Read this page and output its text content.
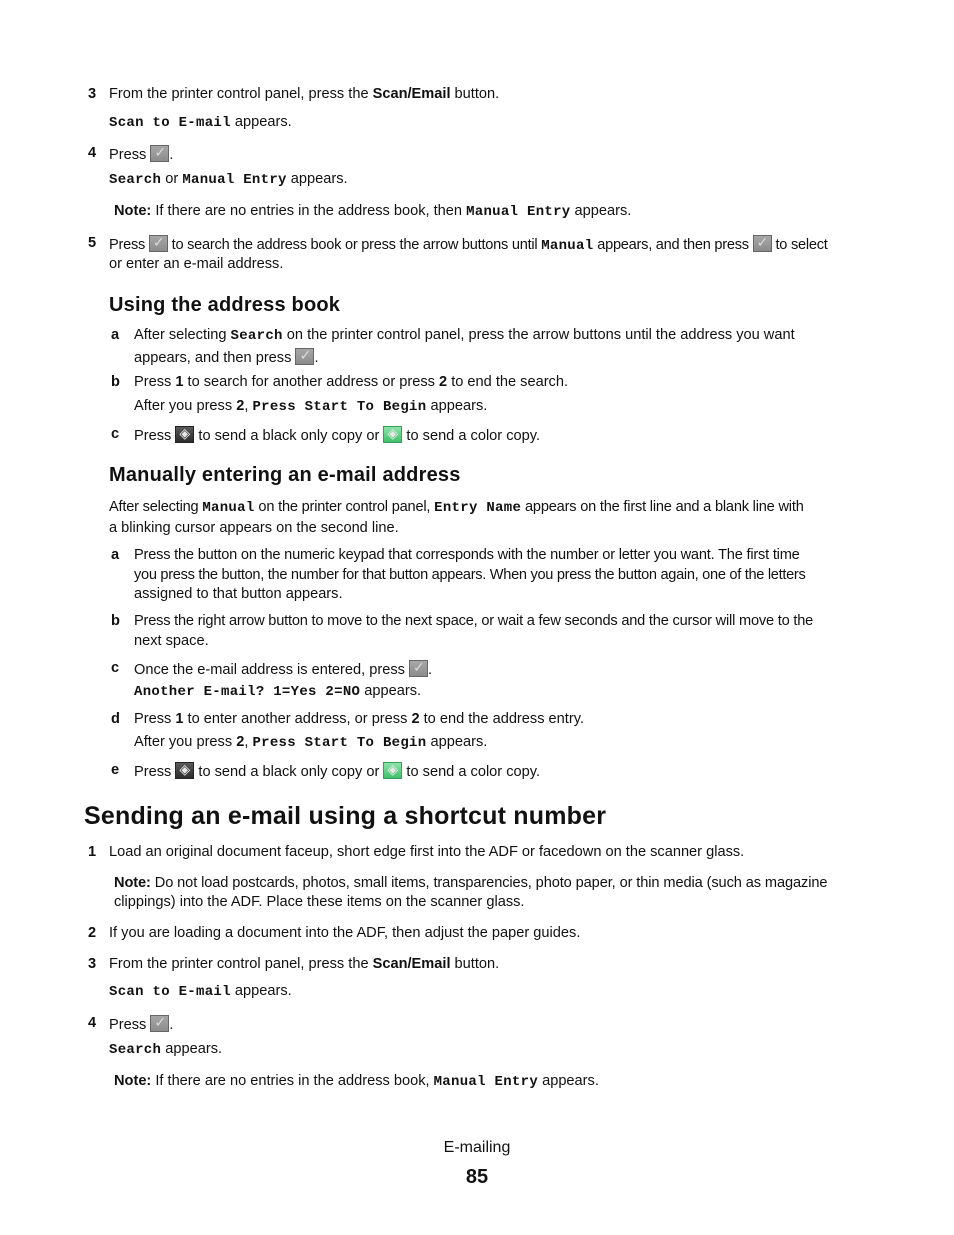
3 From the printer control panel, press the Scan/Email button.
Scan to E-mail appears.
4 Press ✓.
Search or Manual Entry appears.
Note: If there are no entries in the address book, then Manual Entry appears.
5 Press ✓ to search the address book or press the arrow buttons until Manual appears, and then press ✓ to select
or enter an e-mail address.
Using the address book
a	After selecting Search on the printer control panel, press the arrow buttons until the address you want
appears, and then press ✓.
b Press 1 to search for another address or press 2 to end the search.
After you press 2, Press Start To Begin appears.
c	Press ◈ to send a black only copy or ◈ to send a color copy.
Manually entering an e-mail address
After selecting Manual on the printer control panel, Entry Name appears on the first line and a blank line with
a blinking cursor appears on the second line.
a	Press the button on the numeric keypad that corresponds with the number or letter you want. The first time
you press the button, the number for that button appears. When you press the button again, one of the letters
assigned to that button appears.
b Press the right arrow button to move to the next space, or wait a few seconds and the cursor will move to the
next space.
c	Once the e-mail address is entered, press ✓.
Another E-mail? 1=Yes 2=NO appears.
d Press 1 to enter another address, or press 2 to end the address entry.
After you press 2, Press Start To Begin appears.
e	Press ◈ to send a black only copy or ◈ to send a color copy.
Sending an e-mail using a shortcut number
1 Load an original document faceup, short edge first into the ADF or facedown on the scanner glass.
Note: Do not load postcards, photos, small items, transparencies, photo paper, or thin media (such as magazine
clippings) into the ADF. Place these items on the scanner glass.
2 If you are loading a document into the ADF, then adjust the paper guides.
3 From the printer control panel, press the Scan/Email button.
Scan to E-mail appears.
4 Press ✓.
Search appears.
Note: If there are no entries in the address book, Manual Entry appears.
E-mailing
85
